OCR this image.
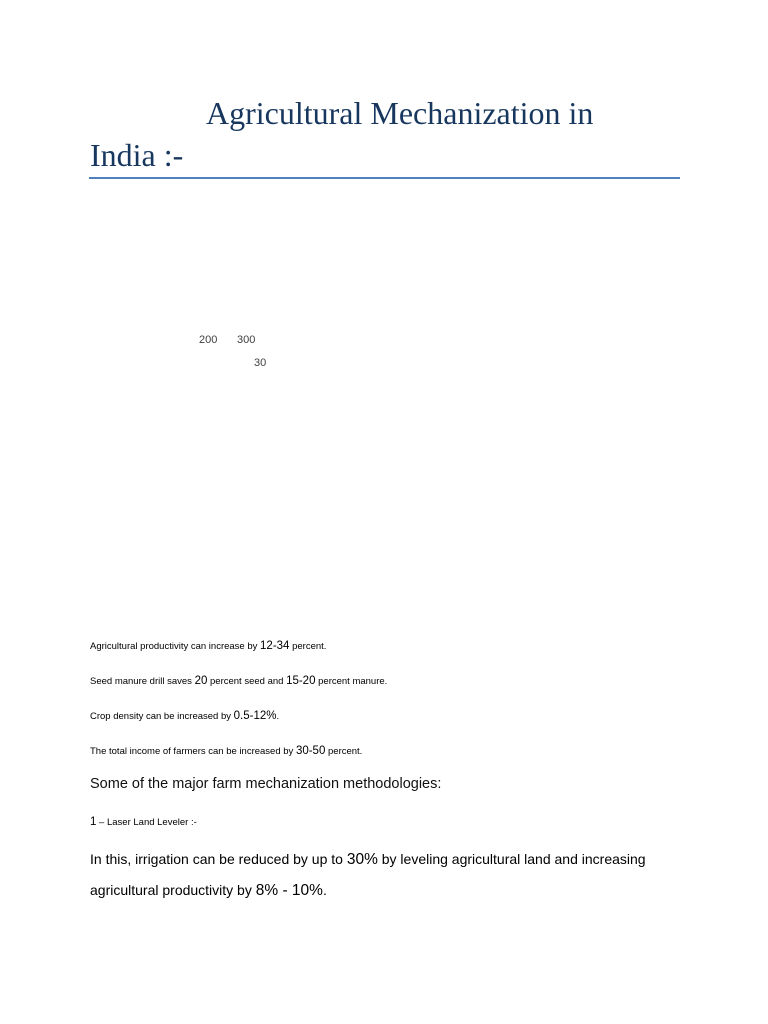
Agricultural Mechanization in
India :-
200 300
30
Agricultural productivity can increase by 12-34 percent.
Seed manure drill saves 20 percent seed and 15-20 percent manure.
Crop density can be increased by 0.5-12%.
The total income of farmers can be increased by 30-50 percent.
Some of the major farm mechanization methodologies:
1 – Laser Land Leveler :-
In this, irrigation can be reduced by up to 30% by leveling agricultural land and increasing agricultural productivity by 8% - 10%.
